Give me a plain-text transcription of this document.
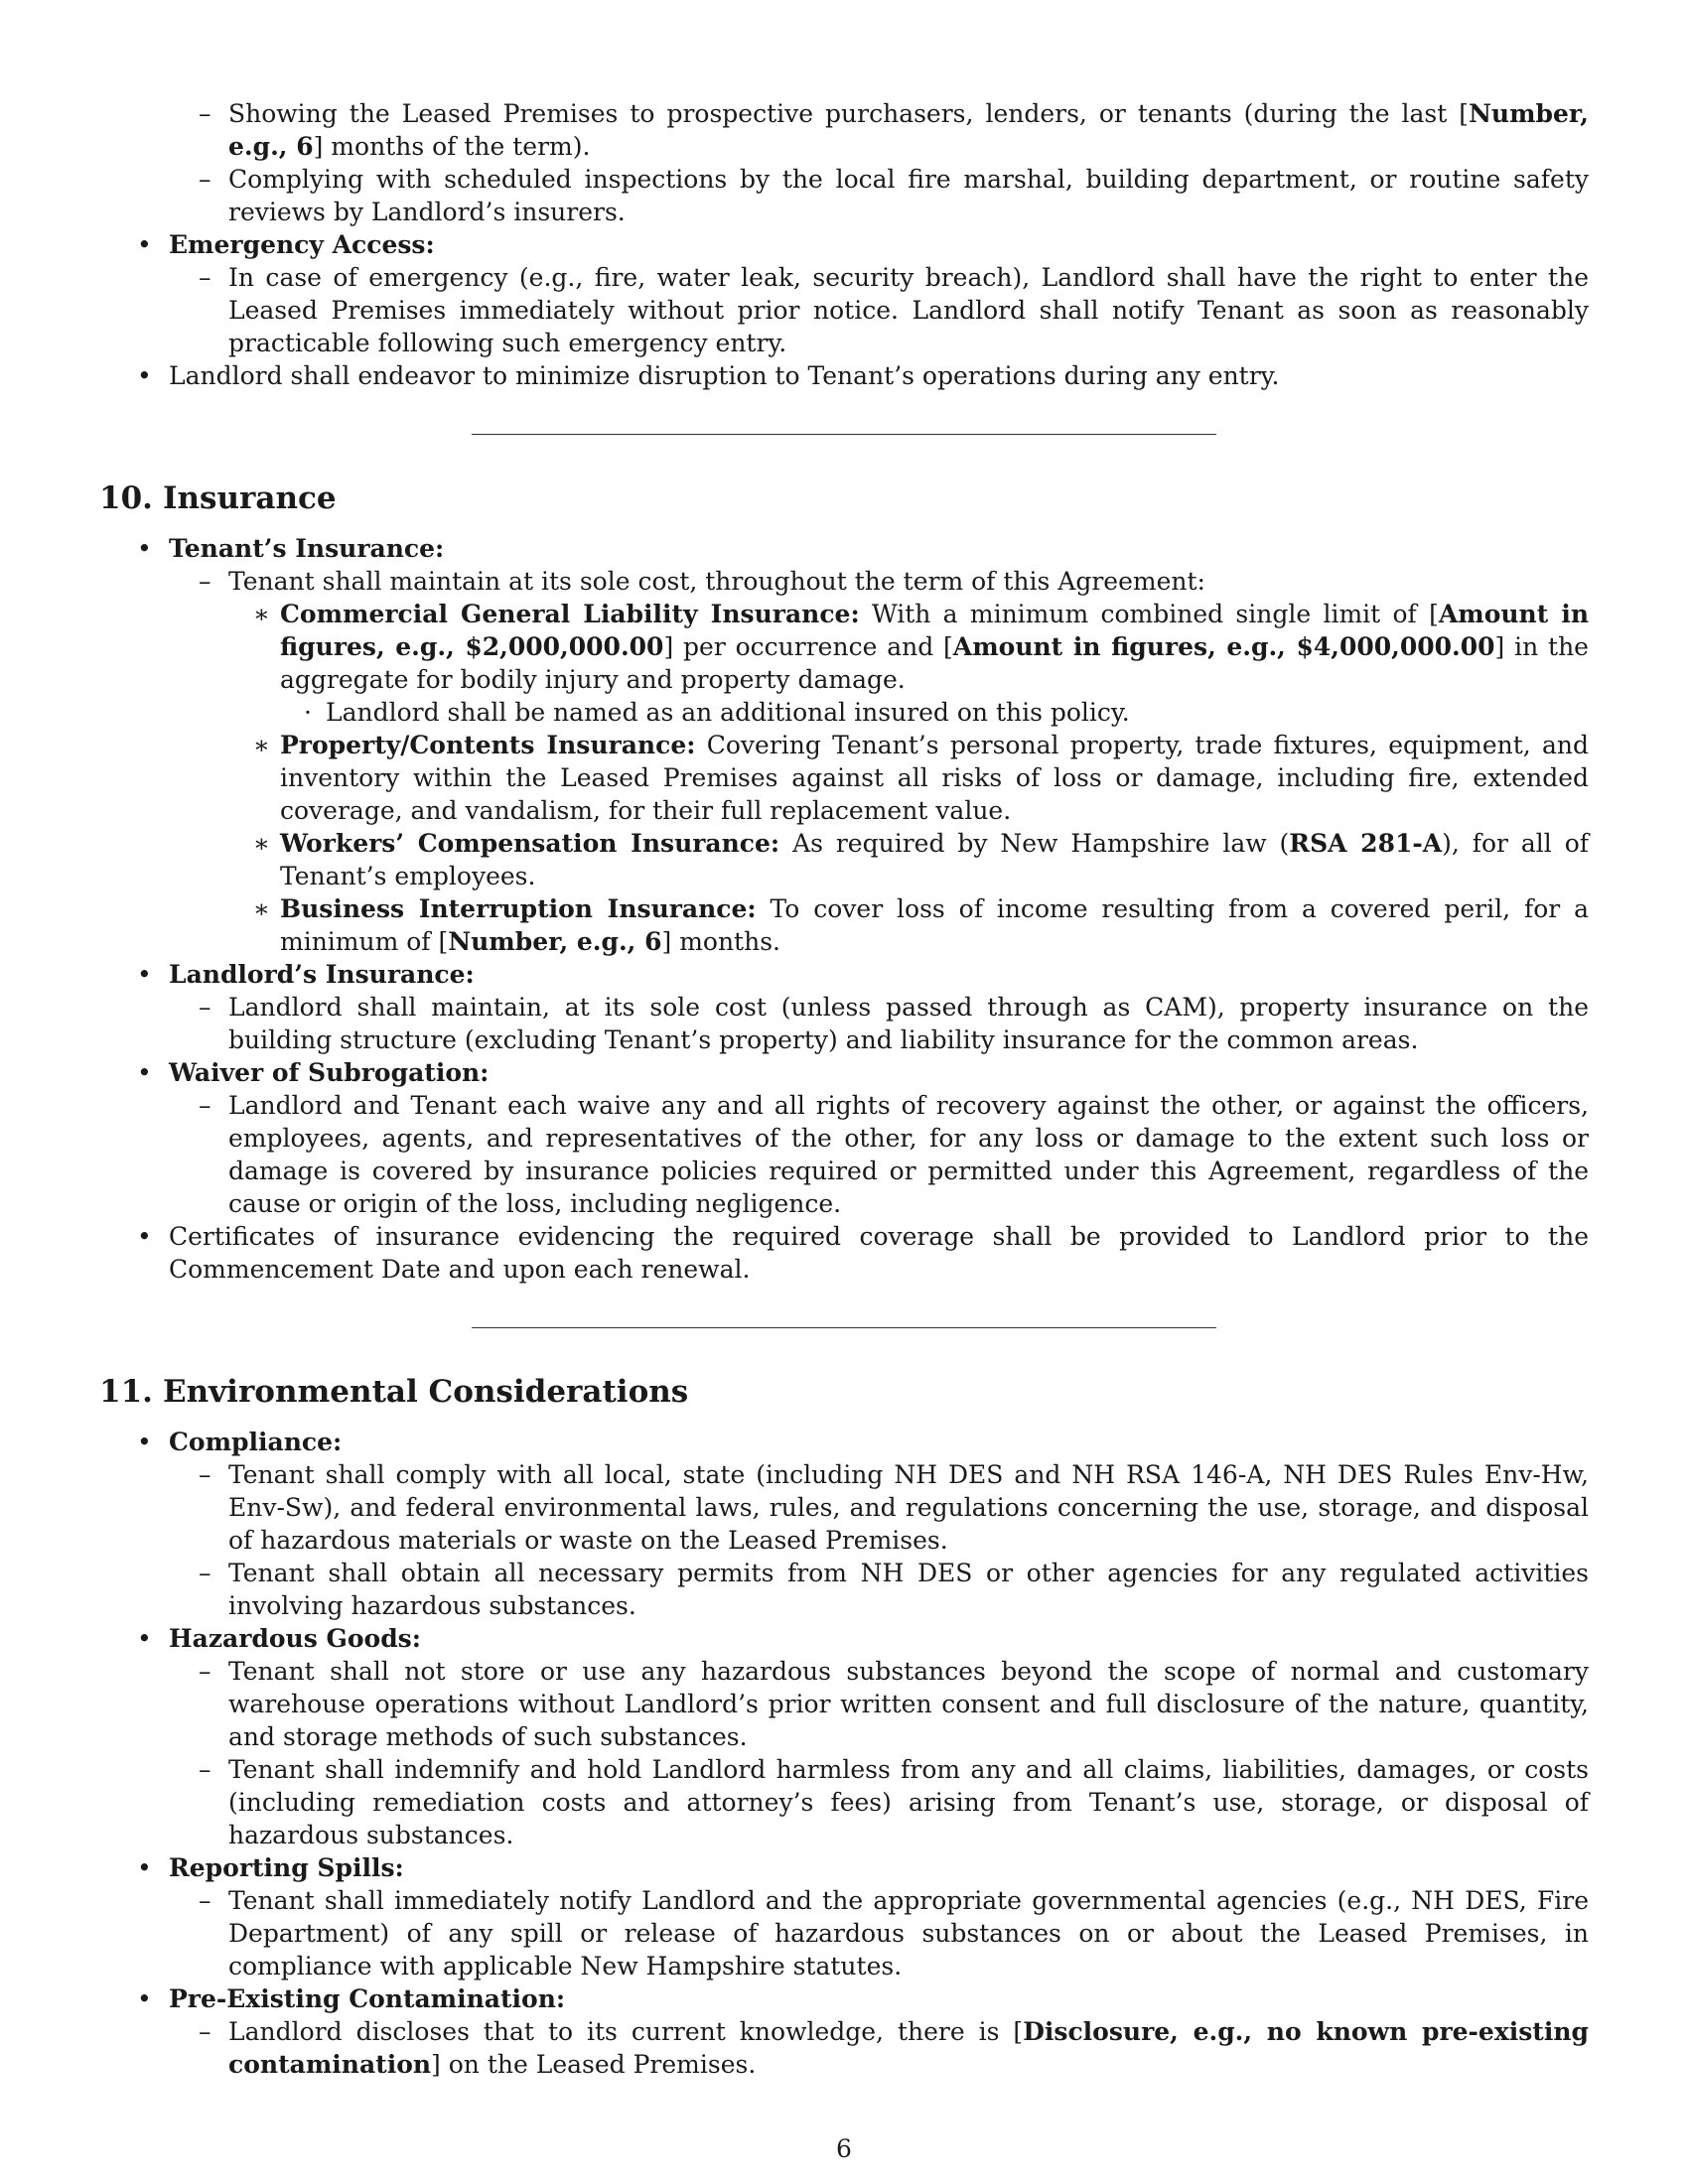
– Showing the Leased Premises to prospective purchasers, lenders, or tenants (during the last [Number, e.g., 6] months of the term).
– Complying with scheduled inspections by the local fire marshal, building department, or routine safety reviews by Landlord’s insurers.
• Emergency Access:
– In case of emergency (e.g., fire, water leak, security breach), Landlord shall have the right to enter the Leased Premises immediately without prior notice. Landlord shall notify Tenant as soon as reasonably practicable following such emergency entry.
• Landlord shall endeavor to minimize disruption to Tenant’s operations during any entry.
10. Insurance
• Tenant’s Insurance:
– Tenant shall maintain at its sole cost, throughout the term of this Agreement:
∗ Commercial General Liability Insurance: With a minimum combined single limit of [Amount in figures, e.g., $2,000,000.00] per occurrence and [Amount in figures, e.g., $4,000,000.00] in the aggregate for bodily injury and property damage.
· Landlord shall be named as an additional insured on this policy.
∗ Property/Contents Insurance: Covering Tenant’s personal property, trade fixtures, equipment, and inventory within the Leased Premises against all risks of loss or damage, including fire, extended coverage, and vandalism, for their full replacement value.
∗ Workers’ Compensation Insurance: As required by New Hampshire law (RSA 281-A), for all of Tenant’s employees.
∗ Business Interruption Insurance: To cover loss of income resulting from a covered peril, for a minimum of [Number, e.g., 6] months.
• Landlord’s Insurance:
– Landlord shall maintain, at its sole cost (unless passed through as CAM), property insurance on the building structure (excluding Tenant’s property) and liability insurance for the common areas.
• Waiver of Subrogation:
– Landlord and Tenant each waive any and all rights of recovery against the other, or against the officers, employees, agents, and representatives of the other, for any loss or damage to the extent such loss or damage is covered by insurance policies required or permitted under this Agreement, regardless of the cause or origin of the loss, including negligence.
• Certificates of insurance evidencing the required coverage shall be provided to Landlord prior to the Commencement Date and upon each renewal.
11. Environmental Considerations
• Compliance:
– Tenant shall comply with all local, state (including NH DES and NH RSA 146-A, NH DES Rules Env-Hw, Env-Sw), and federal environmental laws, rules, and regulations concerning the use, storage, and disposal of hazardous materials or waste on the Leased Premises.
– Tenant shall obtain all necessary permits from NH DES or other agencies for any regulated activities involving hazardous substances.
• Hazardous Goods:
– Tenant shall not store or use any hazardous substances beyond the scope of normal and customary warehouse operations without Landlord’s prior written consent and full disclosure of the nature, quantity, and storage methods of such substances.
– Tenant shall indemnify and hold Landlord harmless from any and all claims, liabilities, damages, or costs (including remediation costs and attorney’s fees) arising from Tenant’s use, storage, or disposal of hazardous substances.
• Reporting Spills:
– Tenant shall immediately notify Landlord and the appropriate governmental agencies (e.g., NH DES, Fire Department) of any spill or release of hazardous substances on or about the Leased Premises, in compliance with applicable New Hampshire statutes.
• Pre-Existing Contamination:
– Landlord discloses that to its current knowledge, there is [Disclosure, e.g., no known pre-existing contamination] on the Leased Premises.
6
